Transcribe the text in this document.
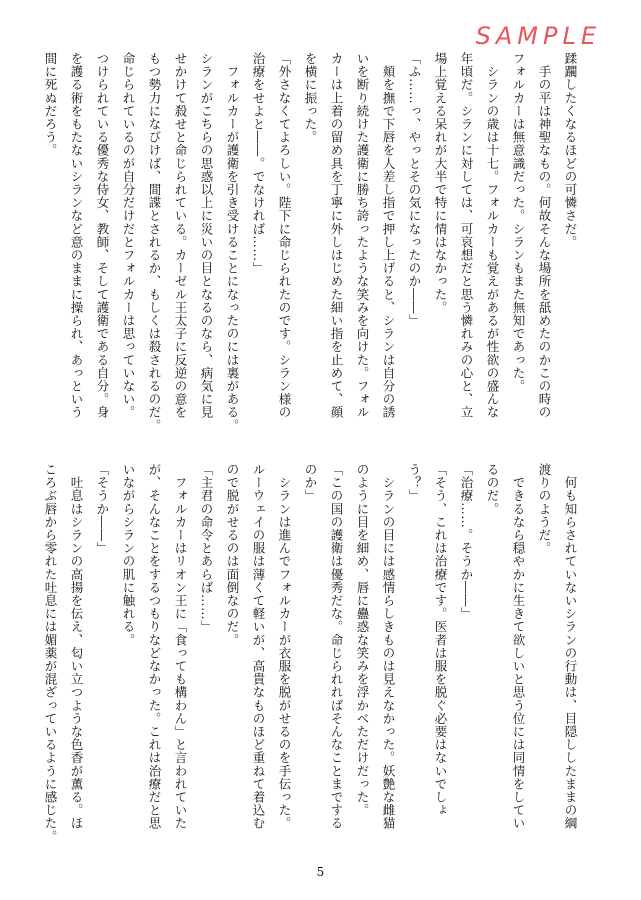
SAMPLE
蹂躙したくなるほどの可憐さだ。
　手の平は神聖なもの。何故そんな場所を舐めたのかこの時の
フォルカーは無意識だった。シランもまた無知であった。
　シランの歳は十七。フォルカーも覚えがあるが性欲の盛んな
年頃だ。シランに対しては、可哀想だと思う憐れみの心と、立
場上覚える呆れが大半で特に情はなかった。
「ふ……っ、やっとその気になったのか――」
　頬を撫で下唇を人差し指で押し上げると、シランは自分の誘
いを断り続けた護衛に勝ち誇ったような笑みを向けた。フォル
カーは上着の留め具を丁寧に外しはじめた細い指を止めて、顔
を横に振った。
「外さなくてよろしい。陛下に命じられたのです。シラン様の
治療をせよと――。でなければ……」
　フォルカーが護衛を引き受けることになったのには裏がある。
シランがこちらの思惑以上に災いの目となるのなら、病気に見
せかけて殺せと命じられている。カーゼル王太子に反逆の意を
もつ勢力になびけば、間諜とされるか、もしくは殺されるのだ。
命じられているのが自分だけだとフォルカーは思っていない。
つけられている優秀な侍女、教師、そして護衛である自分。身
を護る術をもたないシランなど意のままに操られ、あっという
間に死ぬだろう。
　何も知らされていないシランの行動は、目隠ししたままの綱
渡りのようだ。
　できるなら穏やかに生きて欲しいと思う位には同情をしてい
るのだ。
「治療……。そうか――」
「そう、これは治療です。医者は服を脱ぐ必要はないでしょ
う？」
　シランの目には感情らしきものは見えなかった。妖艶な雌猫
のように目を細め、唇に蠱惑な笑みを浮かべただけだった。
「この国の護衛は優秀だな。命じられればそんなことまでする
のか」
　シランは進んでフォルカーが衣服を脱がせるのを手伝った。
ルーウェイの服は薄くて軽いが、高貴なものほど重ねて着込む
ので脱がせるのは面倒なのだ。
「主君の命令とあらば……」
　フォルカーはリオン王に「食っても構わん」と言われていた
が、そんなことをするつもりなどなかった。これは治療だと思
いながらシランの肌に触れる。
「そうか――」
　吐息はシランの高揚を伝え、匂い立つような色香が薫る。ほ
ころぶ唇から零れた吐息には媚薬が混ざっているように感じた。
5
